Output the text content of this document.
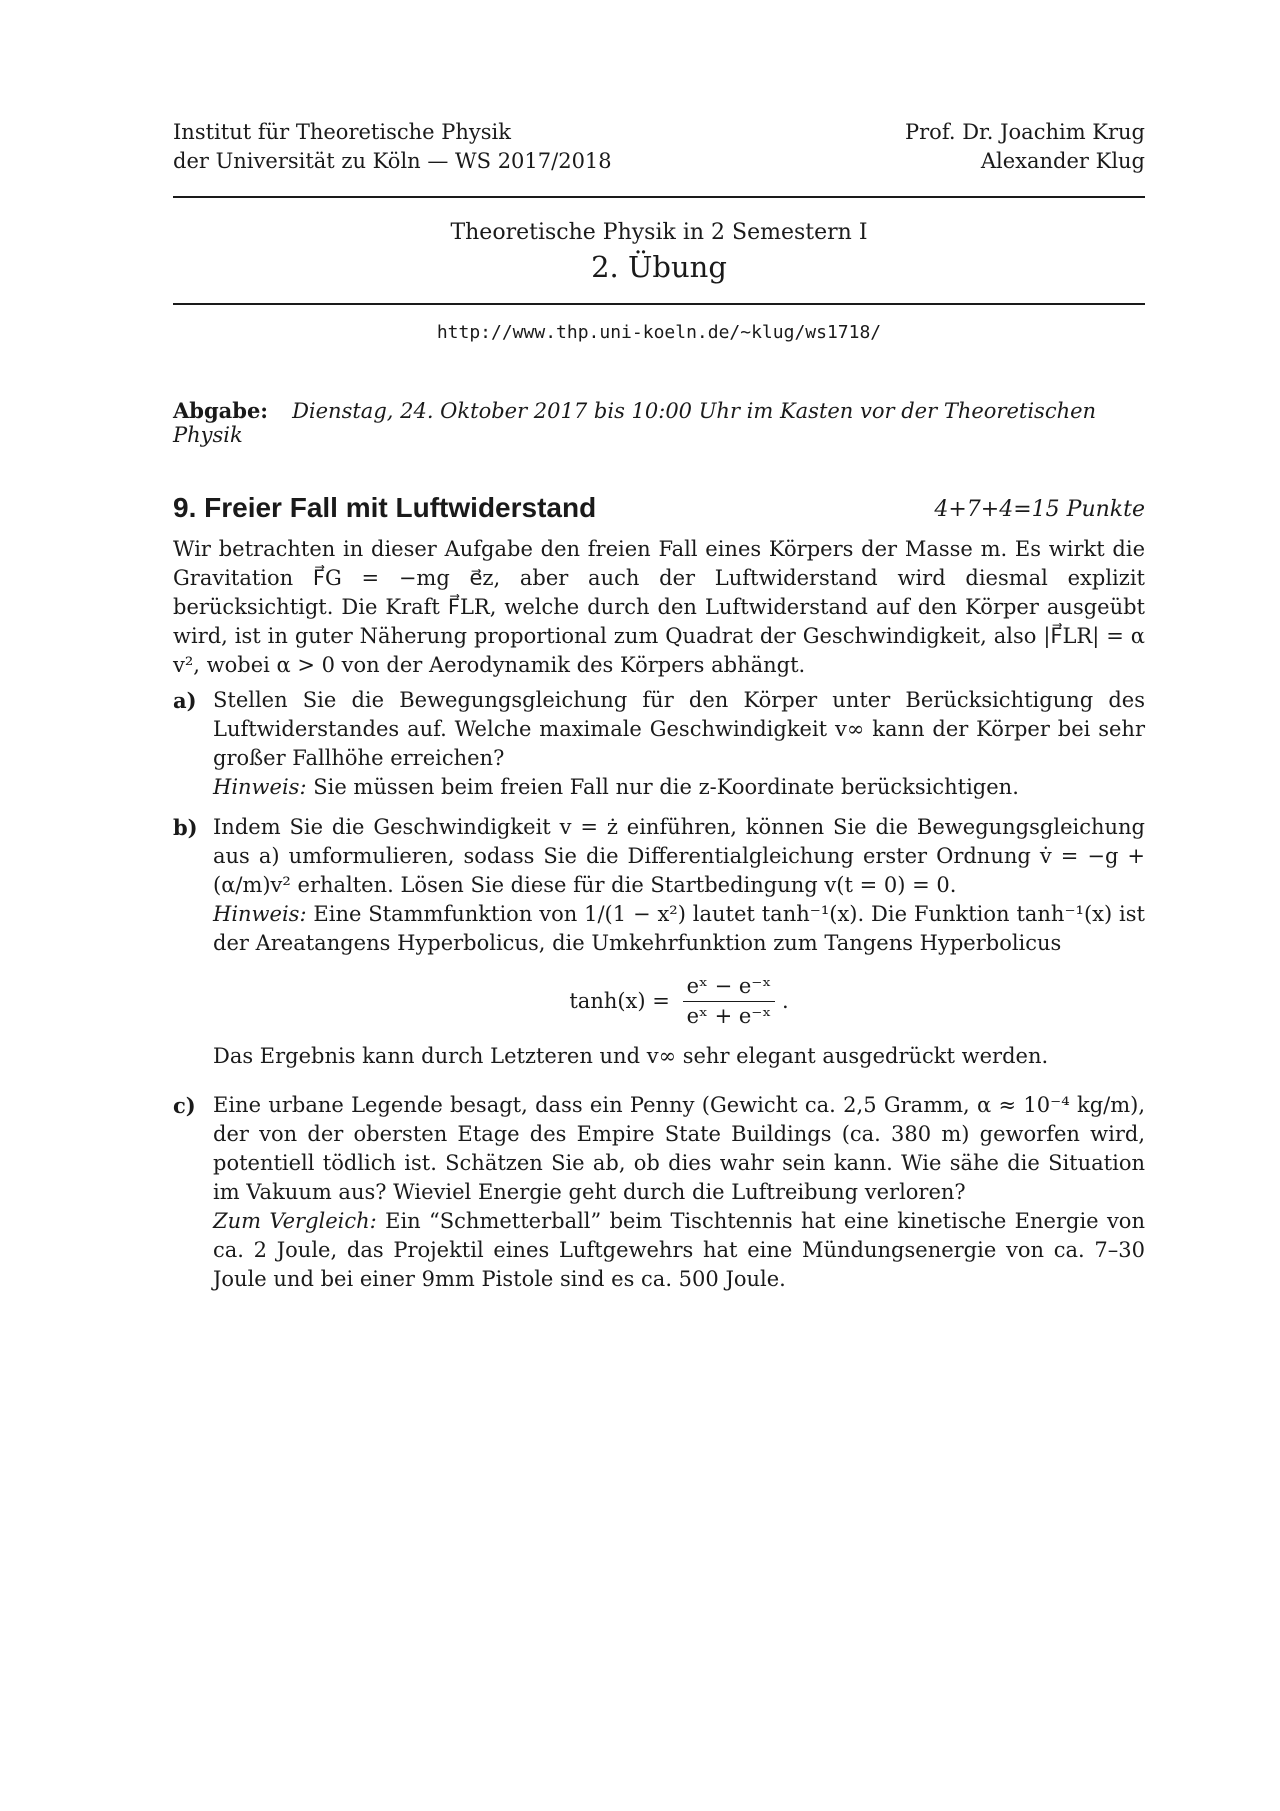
Institut für Theoretische Physik
der Universität zu Köln — WS 2017/2018
Prof. Dr. Joachim Krug
Alexander Klug
Theoretische Physik in 2 Semestern I
2. Übung
http://www.thp.uni-koeln.de/~klug/ws1718/
Abgabe: Dienstag, 24. Oktober 2017 bis 10:00 Uhr im Kasten vor der Theoretischen Physik
9. Freier Fall mit Luftwiderstand	4+7+4=15 Punkte
Wir betrachten in dieser Aufgabe den freien Fall eines Körpers der Masse m. Es wirkt die Gravitation F⃗G = −mg e⃗z, aber auch der Luftwiderstand wird diesmal explizit berücksichtigt. Die Kraft F⃗LR, welche durch den Luftwiderstand auf den Körper ausgeübt wird, ist in guter Näherung proportional zum Quadrat der Geschwindigkeit, also |F⃗LR| = α v², wobei α > 0 von der Aerodynamik des Körpers abhängt.
a) Stellen Sie die Bewegungsgleichung für den Körper unter Berücksichtigung des Luftwiderstandes auf. Welche maximale Geschwindigkeit v∞ kann der Körper bei sehr großer Fallhöhe erreichen?
Hinweis: Sie müssen beim freien Fall nur die z-Koordinate berücksichtigen.
b) Indem Sie die Geschwindigkeit v = ż einführen, können Sie die Bewegungsgleichung aus a) umformulieren, sodass Sie die Differentialgleichung erster Ordnung v̇ = −g + (α/m)v² erhalten. Lösen Sie diese für die Startbedingung v(t = 0) = 0.
Hinweis: Eine Stammfunktion von 1/(1 − x²) lautet tanh⁻¹(x). Die Funktion tanh⁻¹(x) ist der Areatangens Hyperbolicus, die Umkehrfunktion zum Tangens Hyperbolicus
$\tanh(x) = \frac{\text{eˣ − e⁻ˣ}}{\text{eˣ + e⁻ˣ}}$ .
Das Ergebnis kann durch Letzteren und v∞ sehr elegant ausgedrückt werden.
c) Eine urbane Legende besagt, dass ein Penny (Gewicht ca. 2,5 Gramm, α ≈ 10⁻⁴ kg/m), der von der obersten Etage des Empire State Buildings (ca. 380 m) geworfen wird, potentiell tödlich ist. Schätzen Sie ab, ob dies wahr sein kann. Wie sähe die Situation im Vakuum aus? Wieviel Energie geht durch die Luftreibung verloren?
Zum Vergleich: Ein “Schmetterball” beim Tischtennis hat eine kinetische Energie von ca. 2 Joule, das Projektil eines Luftgewehrs hat eine Mündungsenergie von ca. 7–30 Joule und bei einer 9mm Pistole sind es ca. 500 Joule.
